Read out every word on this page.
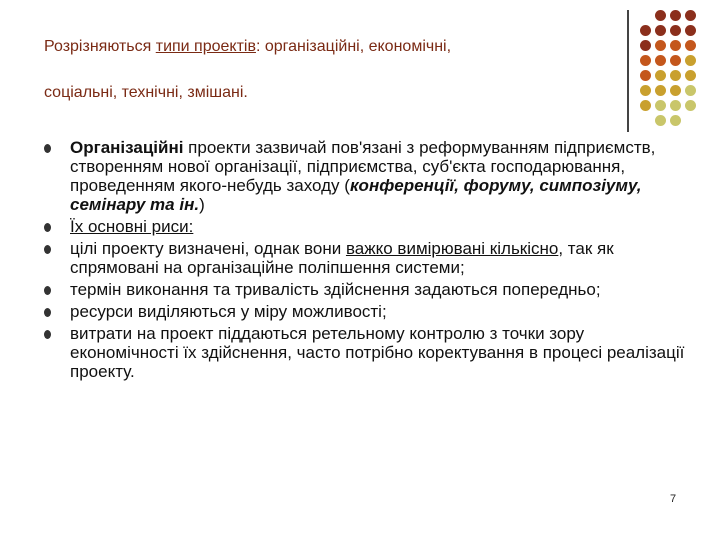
Розрізняються типи проектів: організаційні, економічні,
соціальні, технічні, змішані.
Організаційні проекти зазвичай пов'язані з реформуванням підприємств, створенням нової організації, підприємства, суб'єкта господарювання, проведенням якого-небудь заходу (конференції, форуму, симпозіуму, семінару та ін.)
Їх основні риси:
цілі проекту визначені, однак вони важко вимірювані кількісно, так як спрямовані на організаційне поліпшення системи;
термін виконання та тривалість здійснення задаються попередньо;
ресурси виділяються у міру можливості;
витрати на проект піддаються ретельному контролю з точки зору економічності їх здійснення, часто потрібно коректування в процесі реалізації проекту.
7
